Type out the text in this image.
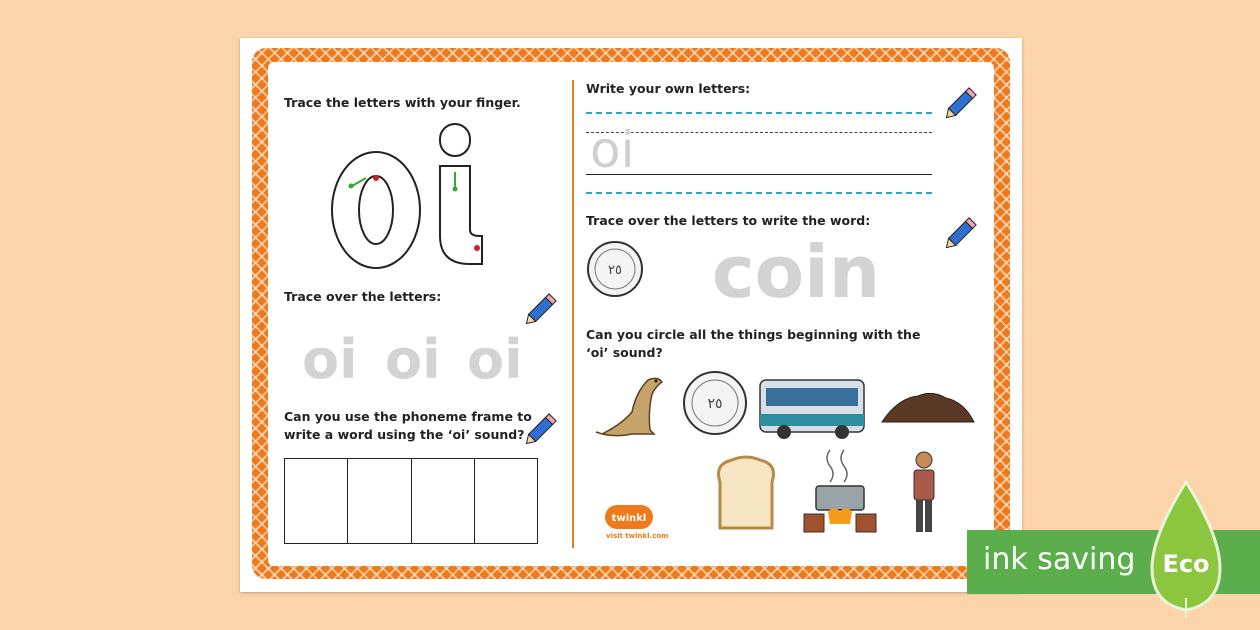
Trace the letters with your finger.
Trace over the letters:
oi oi oi
Can you use the phoneme frame to
write a word using the ‘oi’ sound?
Write your own letters:
oi
Trace over the letters to write the word:
٢٥ coin
Can you circle all the things beginning with the
‘oi’ sound?
٢٥
twinkl
visit twinkl.com
ink saving Eco
